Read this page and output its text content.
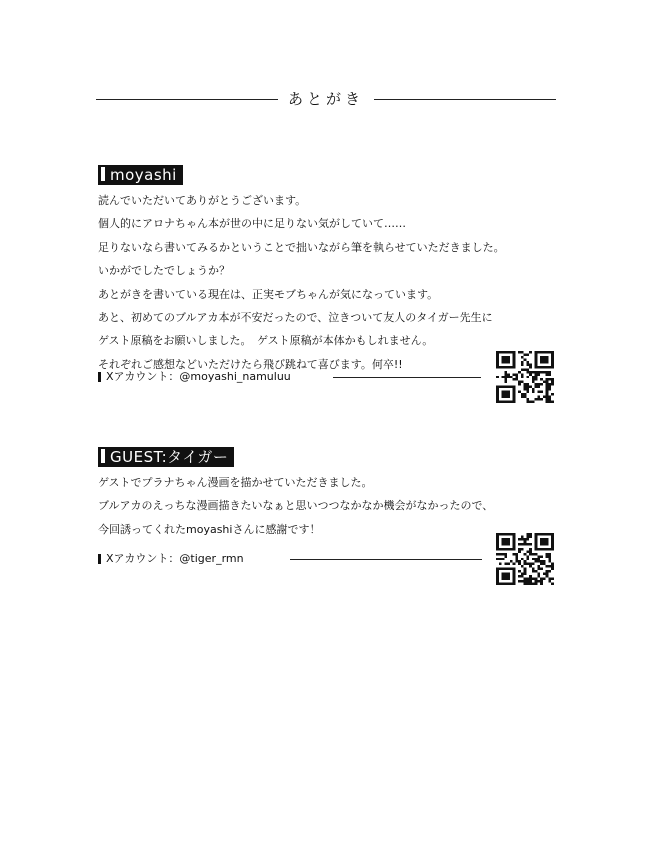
あとがき
moyashi
読んでいただいてありがとうございます。
個人的にアロナちゃん本が世の中に足りない気がしていて……
足りないなら書いてみるかということで拙いながら筆を執らせていただきました。
いかがでしたでしょうか？
あとがきを書いている現在は、正実モブちゃんが気になっています。
あと、初めてのブルアカ本が不安だったので、泣きついて友人のタイガー先生に
ゲスト原稿をお願いしました。　ゲスト原稿が本体かもしれません。
それぞれご感想などいただけたら飛び跳ねて喜びます。何卒!!
Xアカウント：@moyashi_namuluu
GUEST:タイガー
ゲストでプラナちゃん漫画を描かせていただきました。
ブルアカのえっちな漫画描きたいなぁと思いつつなかなか機会がなかったので、
今回誘ってくれたmoyashiさんに感謝です！
Xアカウント：@tiger_rmn
